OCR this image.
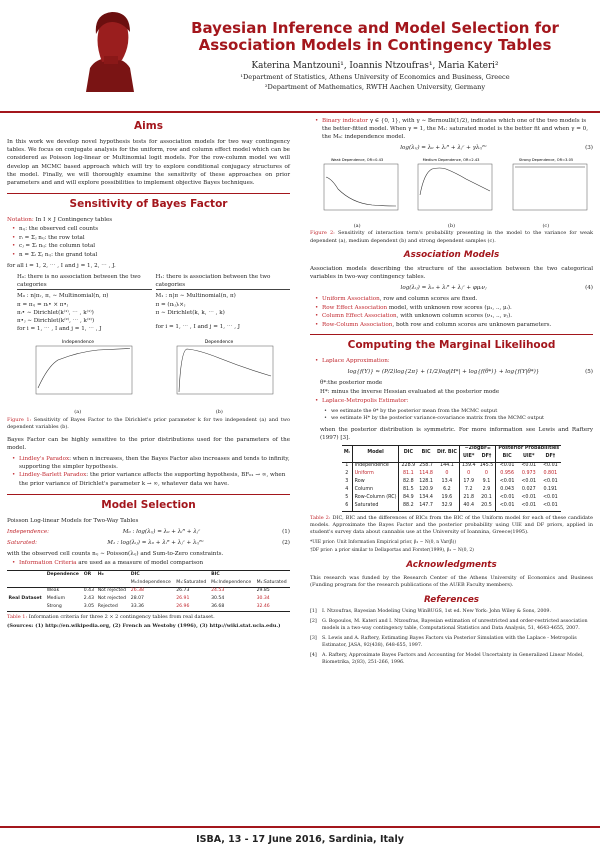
Bayesian Inference and Model Selection for Association Models in Contingency Tables
Katerina Mantzouni¹, Ioannis Ntzoufras¹, Maria Kateri²
¹Department of Statistics, Athens University of Economics and Business, Greece
²Department of Mathematics, RWTH Aachen University, Germany
Aims

In this work we develop novel hypothesis tests for association models for two way contingency tables. We focus on conjugate analysis for the uniform, row and column effect model which can be considered as Poisson log-linear or Multinomial logit models. For the row-column model we will develop an MCMC based approach which will try to explore conditional conjugacy structures of the model. Finally, we will thoroughly examine the sensitivity of these approaches on prior parameters and and will explore possibilities to implement objective Bayes techniques.

Sensitivity of Bayes Factor
Notation: In I × J Contingency tables
• nᵢⱼ: the observed cell counts
• rᵢ = Σⱼ nᵢⱼ: the row total
• cⱼ = Σᵢ nᵢⱼ: the column total
• n = Σᵢ Σⱼ nᵢⱼ: the grand total
for all i = 1, 2, ⋯ , I and j = 1, 2, ⋯ , J.
H₀: there is no association between the two categories
M₀ : n|πᵣ, π꜀ ∼ Multinomial(n, π)
π = πᵢⱼ = πᵢ• × π•ⱼ
πᵢ• ∼ Dirichlet(k⁽¹⁾, ⋯ , k⁽¹⁾)
π•ⱼ ∼ Dirichlet(k⁽²⁾, ⋯ , k⁽²⁾)
for i = 1, ⋯ , I and j = 1, ⋯ , J
H₁: there is association between the two categories
M₁ : n|π ∼ Multinomial(n, π)
π = (πᵢⱼ)ᵢ×ⱼ
π ∼ Dirichlet(k, k, ⋯ , k)
for i = 1, ⋯ , I and j = 1, ⋯ , J
Independence
(a)
Dependence
(b)
Figure 1: Sensitivity of Bayes Factor to the Dirichlet's prior parameter k for two independent (a) and two dependent variables (b).

Bayes Factor can be highly sensitive to the prior distributions used for the parameters of the model.

• Lindley's Paradox: when n increases, then the Bayes Factor also increases and tends to infinity, supporting the simpler hypothesis.
• Lindley-Barlett Paradox: the prior variance affects the supporting hypothesis, BF₀₁ → ∞, when the prior variance of Dirichlet's parameter k → ∞, whatever data we have.
Model Selection
Poisson Log-linear Models for Two-Way Tables
Independence:	M₀ : log(λᵢⱼ) = λ₀ + λᵢᴿ + λⱼᶜ	(1)
Saturated:	M₁ : log(λᵢⱼ) = λ₀ + λᵢᴿ + λⱼᶜ + λᵢⱼᴿᶜ	(2)
with the observed cell counts nᵢⱼ ∼ Poisson(λᵢⱼ) and Sum-to-Zero constraints.
• Information Criteria are used as a measure of model comparison
	Dependence	OR	H₀	DIC		BIC	
				M₀:Independence	M₁:Saturated	M₀:Independence	M₁:Saturated
Real Dataset	Weak	0.43	Not rejected	26.38	26.73	24.53	29.85
	Medium	2.43	Not rejected	28.07	26.91	30.54	30.34
	Strong	3.05	Rejected	33.36	26.96	36.68	32.46
Table 1: Information criteria for three 2 × 2 contingency tables from real dataset.
(Sources: (1) http://en.wikipedia.org, (2) French an Westoby (1996), (3) http://wiki.stat.ucla.edu.)
• Binary indicator γ ∈ {0, 1}, with γ ∼ Bernoulli(1/2), indicates which one of the two models is the better-fitted model. When γ = 1, the M₁: saturated model is the better fit and when γ = 0, the M₀: independence model.
log(λᵢⱼ) = λ₀ + λᵢᴿ + λⱼᶜ + γλᵢⱼᴿᶜ	(3)
Weak Dependence, OR=0.43
(a)
Medium Dependence, OR=2.43
(b)
Strong Dependence, OR=3.05
(c)
Figure 2: Sensitivity of interaction term's probability presenting in the model to the variance for weak dependent (a), medium dependent (b) and strong dependent samples (c).
Association Models

Association models describing the structure of the association between the two categorical variables in two-way contingency tables.

log(λᵢⱼ) = λ₀ + λᵢᴿ + λⱼᶜ + φμᵢνⱼ	(4)
• Uniform Association, row and column scores are fixed.
• Row Effect Association model, with unknown row scores (μ₁, .., μᵢ).
• Column Effect Association, with unknown column scores (ν₁, .., νⱼ).
• Row-Column Association, both row and column scores are unknown parameters.
Computing the Marginal Likelihood
• Laplace Approximation:
log{f(Y)} ≈ (P/2)log{2π} + (1/2)log|H*| + log{f(θ*)} + log{f(Y|θ*)}	(5)
θ*:the posterior mode
H*: minus the inverse Hessian evaluated at the posterior mode
• Laplace-Metropolis Estimator:
• we estimate the θ* by the posterior mean from the MCMC output
• we estimate H* by the posterior variance-covariance matrix from the MCMC output

when the posterior distribution is symmetric. For more information see Lewis and Raftery (1997) [3].

Mₗ	Model	DIC	BIC	Dif. BIC	−2logBF₀ₗ		Posterior Probabilities		
					UIE*	DF†	BIC	UIE*	DF†
1	Independence	228.9	258.7	144.1	139.4	145.5	<0.01	<0.01	<0.01
2	Uniform	81.1	114.8	0	0	0	0.956	0.973	0.801
3	Row	82.8	128.1	13.4	17.9	9.1	<0.01	<0.01	<0.01
4	Column	81.5	120.9	6.2	7.2	2.9	0.043	0.027	0.191
5	Row-Column (RC)	84.9	134.4	19.6	21.8	20.1	<0.01	<0.01	<0.01
6	Saturated	88.2	147.7	32.9	40.4	20.5	<0.01	<0.01	<0.01
Table 2: DIC, BIC and the differences of BICs from the BIC of the Uniform model for each of these candidate models. Approximate the Bayes Factor and the posterior probability using UIE and DF priors, applied in student's survey data about cannabis use at the University of Ioannina, Greece(1995).
*UIE prior: Unit Information Empirical prior, β₁ ∼ N(0, n Var(β̂))
†DF prior: a prior similar to Dellaportas and Forster(1999), β₁ ∼ N(0, 2)
Acknowledgments

This research was funded by the Research Center of the Athens University of Economics and Business (Funding program for the research publications of the AUEB Faculty members).

References
[1]	I. Ntzoufras, Bayesian Modeling Using WinBUGS, 1st ed. New York: John Wiley & Sons, 2009.
[2]	G. Bopoulos, M. Kateri and I. Ntzoufras, Bayesian estimation of unrestricted and order-restricted association models in a two-way contingency table, Computational Statistics and Data Analysis, 51, 4643-4655, 2007.
[3]	S. Lewis and A. Raftery, Estimating Bayes Factors via Posterior Simulation with the Laplace - Metropolis Estimator, JASA, 92(438), 648-655, 1997.
[4]	A. Raftery, Approximate Bayes Factors and Accounting for Model Uncertainty in Generalized Linear Model, Biometrika, 2(83), 251-266, 1996.
ISBA, 13 - 17 June 2016, Sardinia, Italy
